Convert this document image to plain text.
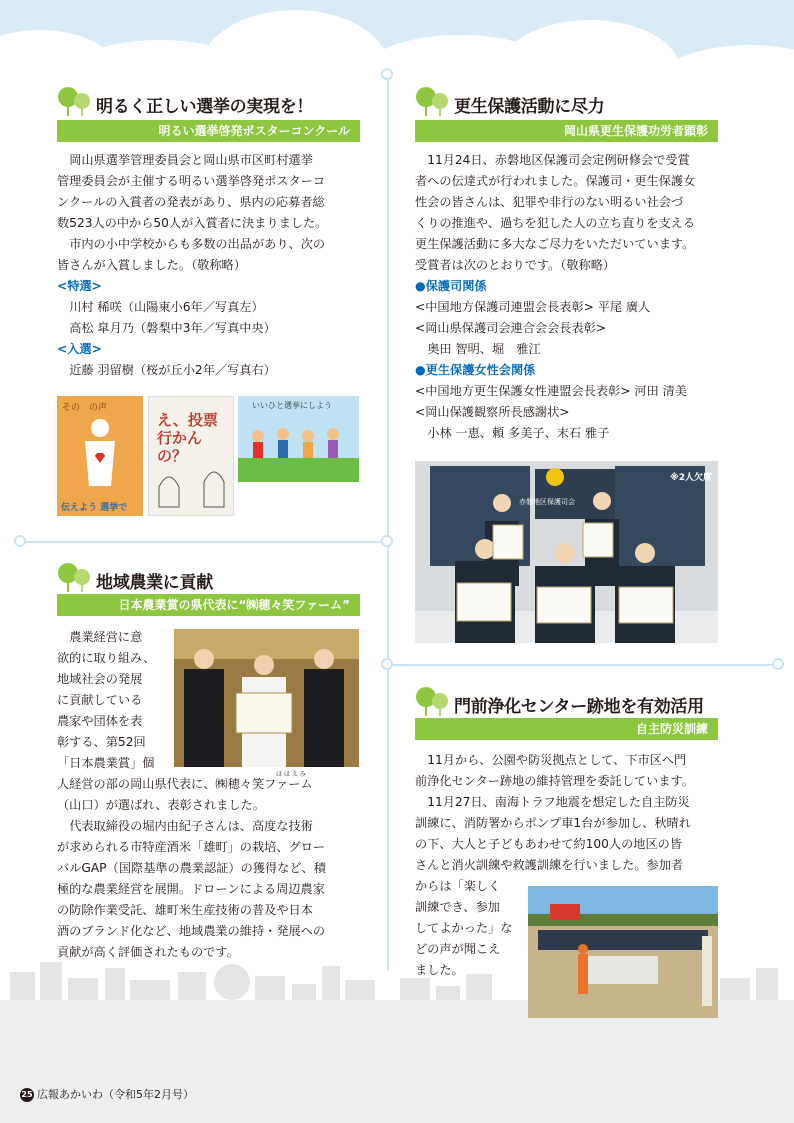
明るく正しい選挙の実現を！
明るい選挙啓発ポスターコンクール

岡山県選挙管理委員会と岡山県市区町村選挙

管理委員会が主催する明るい選挙啓発ポスターコ

ンクールの入賞者の発表があり、県内の応募者総

数523人の中から50人が入賞者に決まりました。

市内の小中学校からも多数の出品があり、次の

皆さんが入賞しました。（敬称略）

<特選>

川村 稀咲（山陽東小6年／写真左）

高松 皐月乃（磐梨中3年／写真中央）

<入選>

近藤 羽留樹（桜が丘小2年／写真右）

その　の声
伝えよう 選挙で
え、投票行かんの？
いいひと選挙にしよう
更生保護活動に尽力
岡山県更生保護功労者顕彰

11月24日、赤磐地区保護司会定例研修会で受賞

者への伝達式が行われました。保護司・更生保護女

性会の皆さんは、犯罪や非行のない明るい社会づ

くりの推進や、過ちを犯した人の立ち直りを支える

更生保護活動に多大なご尽力をいただいています。

受賞者は次のとおりです。（敬称略）

●保護司関係

<中国地方保護司連盟会長表彰> 平尾 廣人

<岡山県保護司会連合会会長表彰>

奥田 智明、堀　雅江

●更生保護女性会関係

<中国地方更生保護女性連盟会長表彰> 河田 清美

<岡山保護観察所長感謝状>

小林 一恵、頼 多美子、末石 雅子

赤磐地区保護司会
※2人欠席
地域農業に貢献
日本農業賞の県代表に“㈱穂々笑ファーム”

農業経営に意

欲的に取り組み、

地域社会の発展

に貢献している

農家や団体を表

彰する、第52回

「日本農業賞」個

人経営の部の岡山県代表に、㈱穂々笑ファーム

（山口）が選ばれ、表彰されました。

代表取締役の堀内由紀子さんは、高度な技術

が求められる市特産酒米「雄町」の栽培、グロー

バルGAP（国際基準の農業認証）の獲得など、積

極的な農業経営を展開。ドローンによる周辺農家

の防除作業受託、雄町米生産技術の普及や日本

酒のブランド化など、地域農業の維持・発展への

貢献が高く評価されたものです。

ほ ほ え み
門前浄化センター跡地を有効活用
自主防災訓練

11月から、公園や防災拠点として、下市区へ門

前浄化センター跡地の維持管理を委託しています。

11月27日、南海トラフ地震を想定した自主防災

訓練に、消防署からポンプ車1台が参加し、秋晴れ

の下、大人と子どもあわせて約100人の地区の皆

さんと消火訓練や救護訓練を行いました。参加者

からは「楽しく

訓練でき、参加

してよかった」な

どの声が聞こえ

ました。

25 広報あかいわ（令和5年2月号）
